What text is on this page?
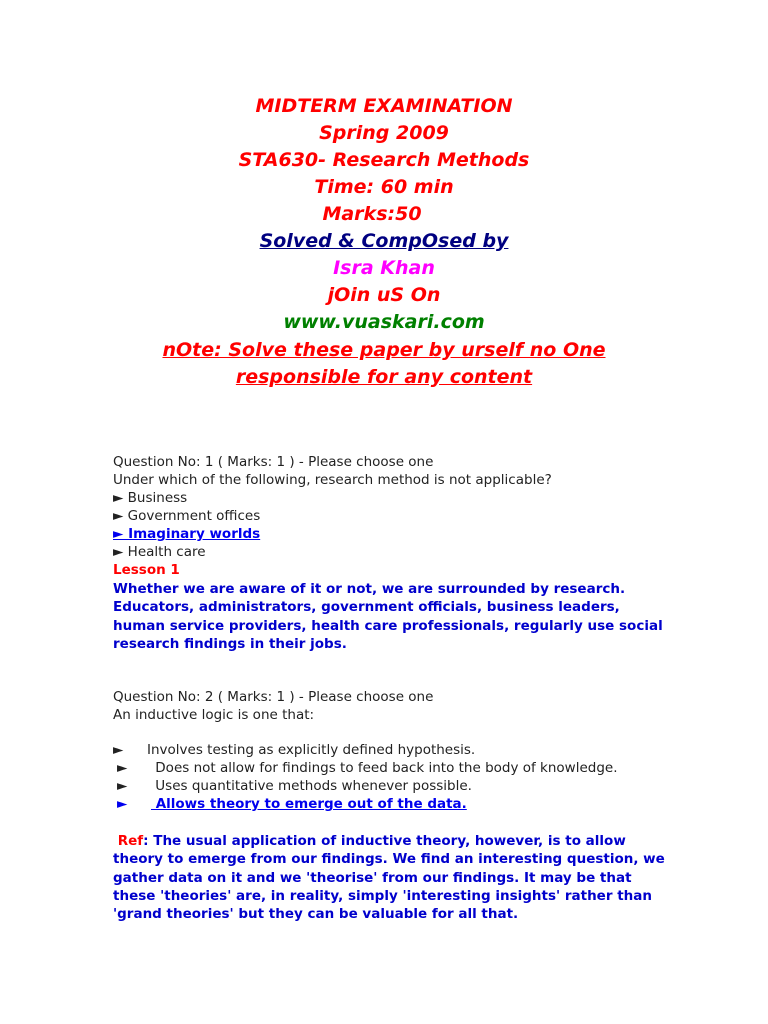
MIDTERM EXAMINATION
Spring 2009
STA630- Research Methods
Time: 60 min
Marks:50
Solved & CompOsed by
Isra Khan
jOin uS On
www.vuaskari.com
nOte: Solve these paper by urself no One
responsible for any content
Question No: 1 ( Marks: 1 ) - Please choose one
Under which of the following, research method is not applicable?
► Business
► Government offices
► Imaginary worlds
► Health care
Lesson 1
Whether we are aware of it or not, we are surrounded by research. Educators, administrators, government officials, business leaders, human service providers, health care professionals, regularly use social research findings in their jobs.
Question No: 2 ( Marks: 1 ) - Please choose one
An inductive logic is one that:
► Involves testing as explicitly defined hypothesis.
► Does not allow for findings to feed back into the body of knowledge.
► Uses quantitative methods whenever possible.
► Allows theory to emerge out of the data.
Ref: The usual application of inductive theory, however, is to allow theory to emerge from our findings. We find an interesting question, we gather data on it and we 'theorise' from our findings. It may be that these 'theories' are, in reality, simply 'interesting insights' rather than 'grand theories' but they can be valuable for all that.
